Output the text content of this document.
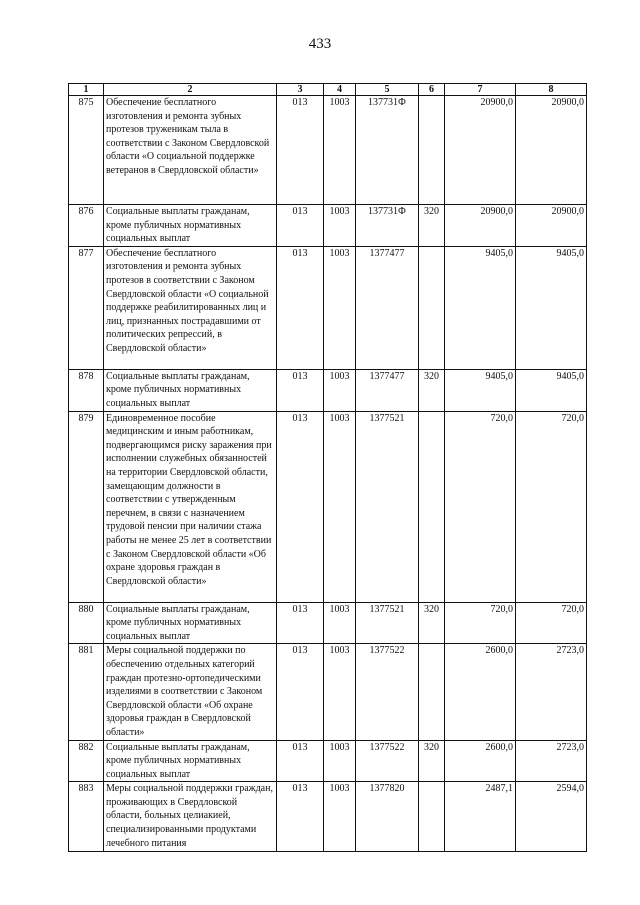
433
1	2	3	4	5	6	7	8
875	Обеспечение бесплатного изготовления и ремонта зубных протезов труженикам тыла в соответствии с Законом Свердловской области «О социальной поддержке ветеранов в Свердловской области»	013	1003	137731Ф		20900,0	20900,0
876	Социальные выплаты гражданам, кроме публичных нормативных социальных выплат	013	1003	137731Ф	320	20900,0	20900,0
877	Обеспечение бесплатного изготовления и ремонта зубных протезов в соответствии с Законом Свердловской области «О социальной поддержке реабилитированных лиц и лиц, признанных пострадавшими от политических репрессий, в Свердловской области»	013	1003	1377477		9405,0	9405,0
878	Социальные выплаты гражданам, кроме публичных нормативных социальных выплат	013	1003	1377477	320	9405,0	9405,0
879	Единовременное пособие медицинским и иным работникам, подвергающимся риску заражения при исполнении служебных обязанностей на территории Свердловской области, замещающим должности в соответствии с утвержденным перечнем, в связи с назначением трудовой пенсии при наличии стажа работы не менее 25 лет в соответствии с Законом Свердловской области «Об охране здоровья граждан в Свердловской области»	013	1003	1377521		720,0	720,0
880	Социальные выплаты гражданам, кроме публичных нормативных социальных выплат	013	1003	1377521	320	720,0	720,0
881	Меры социальной поддержки по обеспечению отдельных категорий граждан протезно-ортопедическими изделиями в соответствии с Законом Свердловской области «Об охране здоровья граждан в Свердловской области»	013	1003	1377522		2600,0	2723,0
882	Социальные выплаты гражданам, кроме публичных нормативных социальных выплат	013	1003	1377522	320	2600,0	2723,0
883	Меры социальной поддержки граждан, проживающих в Свердловской области, больных целиакией, специализированными продуктами лечебного питания	013	1003	1377820		2487,1	2594,0
